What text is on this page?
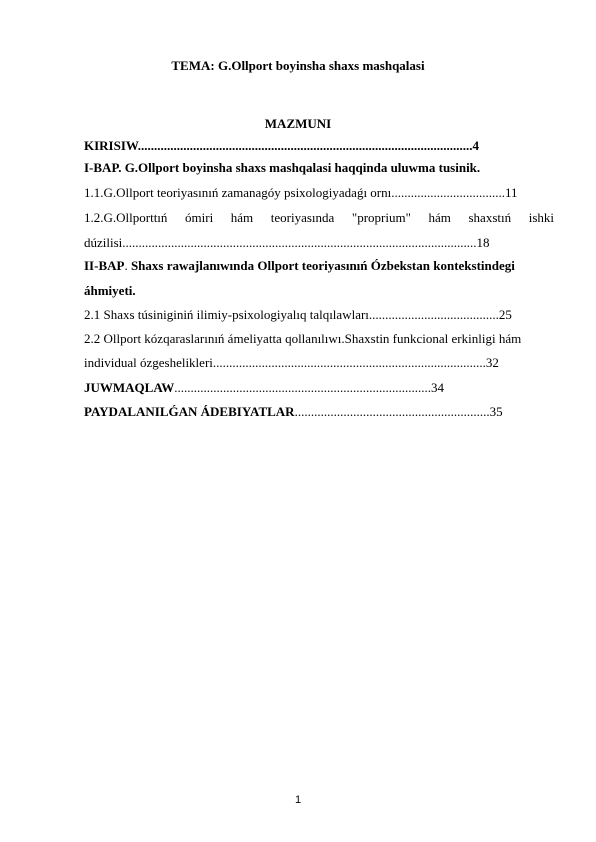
TEMA: G.Ollport boyinsha shaxs mashqalasi
MAZMUNI
KIRISIW.......................................................................................................4
I-BAP. G.Ollport boyinsha shaxs mashqalasi haqqinda uluwma tusinik.
1.1.G.Ollport teoriyasınıń zamanagóy psixologiyadaǵı ornı...................................11
1.2.G.Ollporttıń ómiri hám teoriyasında "proprium" hám shaxstıń ishki
dúzilisi.............................................................................................................18
II-BAP. Shaxs rawajlanıwında Ollport teoriyasınıń Ózbekstan kontekstindegi
áhmiyeti.
2.1 Shaxs túsiniginiń ilimiy-psixologiyalıq talqılawları........................................25
2.2 Ollport kózqaraslarınıń ámeliyatta qollanılıwı.Shaxstin funkcional erkinligi hám
individual ózgeshelikleri....................................................................................32
JUWMAQLAW...............................................................................34
PAYDALANILǴAN ÁDEBIYATLAR............................................................35
1
